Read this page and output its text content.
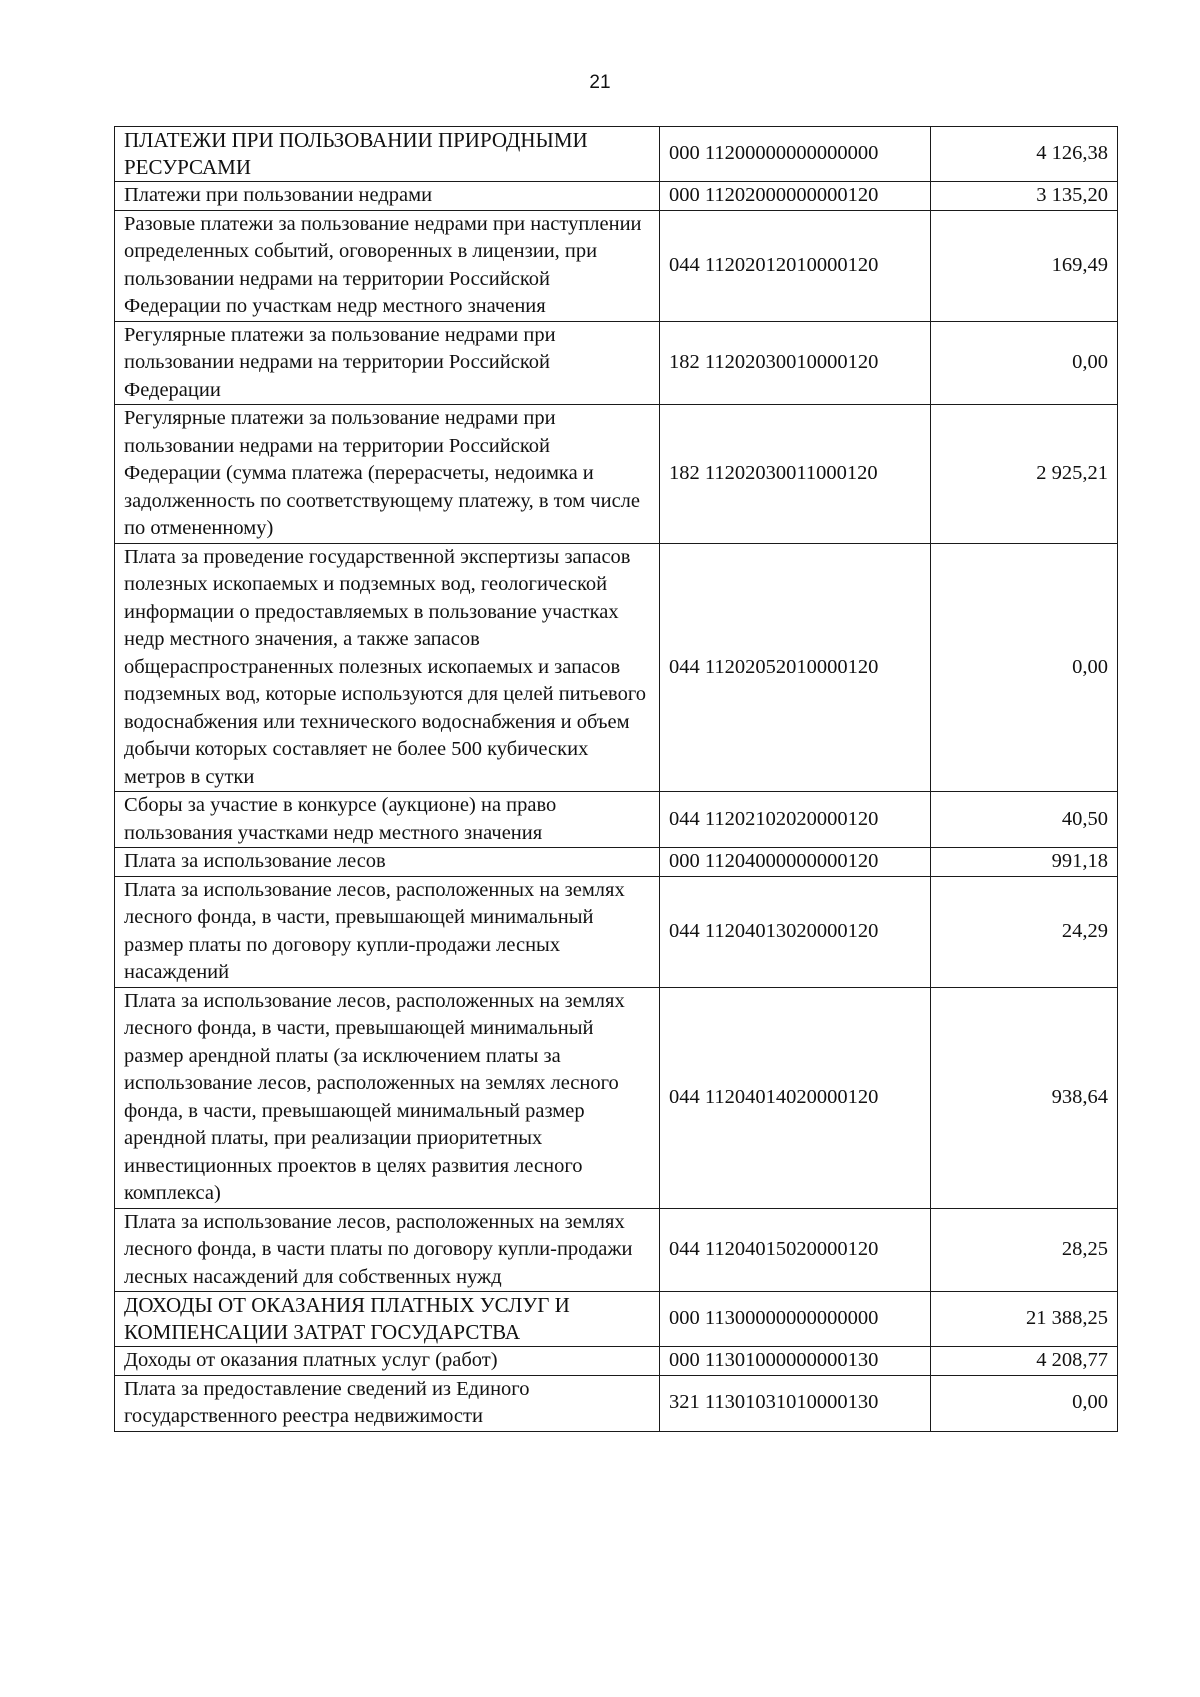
21
ПЛАТЕЖИ ПРИ ПОЛЬЗОВАНИИ ПРИРОДНЫМИ РЕСУРСАМИ	000 11200000000000000	4 126,38
Платежи при пользовании недрами	000 11202000000000120	3 135,20
Разовые платежи за пользование недрами при наступлении определенных событий, оговоренных в лицензии, при пользовании недрами на территории Российской Федерации по участкам недр местного значения	044 11202012010000120	169,49
Регулярные платежи за пользование недрами при пользовании недрами на территории Российской Федерации	182 11202030010000120	0,00
Регулярные платежи за пользование недрами при пользовании недрами на территории Российской Федерации (сумма платежа (перерасчеты, недоимка и задолженность по соответствующему платежу, в том числе по отмененному)	182 11202030011000120	2 925,21
Плата за проведение государственной экспертизы запасов полезных ископаемых и подземных вод, геологической информации о предоставляемых в пользование участках недр местного значения, а также запасов общераспространенных полезных ископаемых и запасов подземных вод, которые используются для целей питьевого водоснабжения или технического водоснабжения и объем добычи которых составляет не более 500 кубических метров в сутки	044 11202052010000120	0,00
Сборы за участие в конкурсе (аукционе) на право пользования участками недр местного значения	044 11202102020000120	40,50
Плата за использование лесов	000 11204000000000120	991,18
Плата за использование лесов, расположенных на землях лесного фонда, в части, превышающей минимальный размер платы по договору купли-продажи лесных насаждений	044 11204013020000120	24,29
Плата за использование лесов, расположенных на землях лесного фонда, в части, превышающей минимальный размер арендной платы (за исключением платы за использование лесов, расположенных на землях лесного фонда, в части, превышающей минимальный размер арендной платы, при реализации приоритетных инвестиционных проектов в целях развития лесного комплекса)	044 11204014020000120	938,64
Плата за использование лесов, расположенных на землях лесного фонда, в части платы по договору купли-продажи лесных насаждений для собственных нужд	044 11204015020000120	28,25
ДОХОДЫ ОТ ОКАЗАНИЯ ПЛАТНЫХ УСЛУГ И КОМПЕНСАЦИИ ЗАТРАТ ГОСУДАРСТВА	000 11300000000000000	21 388,25
Доходы от оказания платных услуг (работ)	000 11301000000000130	4 208,77
Плата за предоставление сведений из Единого государственного реестра недвижимости	321 11301031010000130	0,00
